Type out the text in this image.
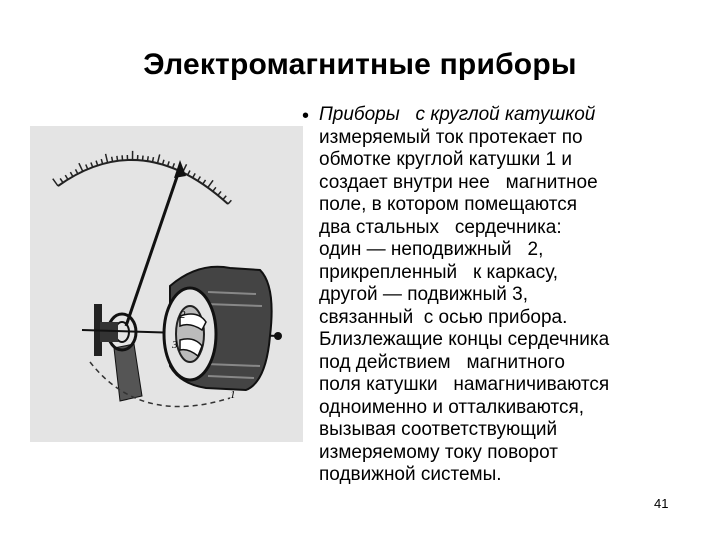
Электромагнитные приборы
2
3
1
• Приборы   с круглой катушкой
измеряемый ток протекает по
обмотке круглой катушки 1 и
создает внутри нее   магнитное
поле, в котором помещаются
два стальных   сердечника:
один — неподвижный   2,
прикрепленный   к каркасу,
другой — подвижный 3,
связанный  с осью прибора.
Близлежащие концы сердечника
под действием   магнитного
поля катушки   намагничиваются
одноименно и отталкиваются,
вызывая соответствующий
измеряемому току поворот
подвижной системы.
41
